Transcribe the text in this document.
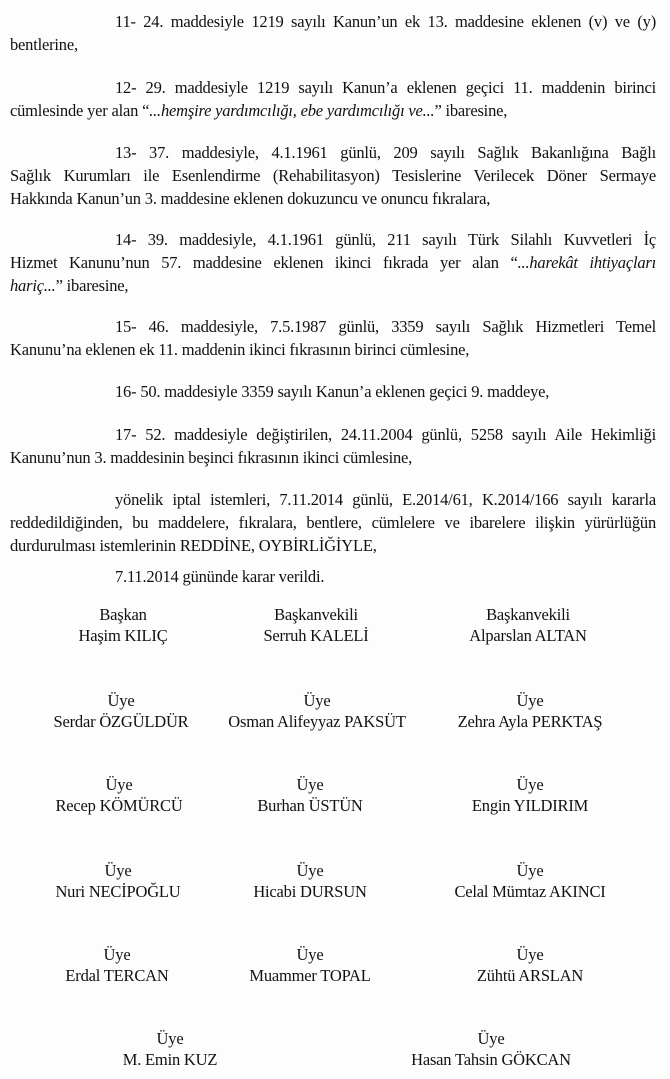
11- 24. maddesiyle 1219 sayılı Kanun’un ek 13. maddesine eklenen (v) ve (y)
bentlerine,
12- 29. maddesiyle 1219 sayılı Kanun’a eklenen geçici 11. maddenin birinci
cümlesinde yer alan “...hemşire yardımcılığı, ebe yardımcılığı ve...” ibaresine,
13- 37. maddesiyle, 4.1.1961 günlü, 209 sayılı Sağlık Bakanlığına Bağlı
Sağlık Kurumları ile Esenlendirme (Rehabilitasyon) Tesislerine Verilecek Döner Sermaye
Hakkında Kanun’un 3. maddesine eklenen dokuzuncu ve onuncu fıkralara,
14- 39. maddesiyle, 4.1.1961 günlü, 211 sayılı Türk Silahlı Kuvvetleri İç
Hizmet Kanunu’nun 57. maddesine eklenen ikinci fıkrada yer alan “...harekât ihtiyaçları
hariç...” ibaresine,
15- 46. maddesiyle, 7.5.1987 günlü, 3359 sayılı Sağlık Hizmetleri Temel
Kanunu’na eklenen ek 11. maddenin ikinci fıkrasının birinci cümlesine,
16- 50. maddesiyle 3359 sayılı Kanun’a eklenen geçici 9. maddeye,
17- 52. maddesiyle değiştirilen, 24.11.2004 günlü, 5258 sayılı Aile Hekimliği
Kanunu’nun 3. maddesinin beşinci fıkrasının ikinci cümlesine,
yönelik iptal istemleri, 7.11.2014 günlü, E.2014/61, K.2014/166 sayılı kararla
reddedildiğinden, bu maddelere, fıkralara, bentlere, cümlelere ve ibarelere ilişkin yürürlüğün
durdurulması istemlerinin REDDİNE, OYBİRLİĞİYLE,
7.11.2014 gününde karar verildi.
Başkan
Haşim KILIÇ
Başkanvekili
Serruh KALELİ
Başkanvekili
Alparslan ALTAN
Üye
Serdar ÖZGÜLDÜR
Üye
Osman Alifeyyaz PAKSÜT
Üye
Zehra Ayla PERKTAŞ
Üye
Recep KÖMÜRCÜ
Üye
Burhan ÜSTÜN
Üye
Engin YILDIRIM
Üye
Nuri NECİPOĞLU
Üye
Hicabi DURSUN
Üye
Celal Mümtaz AKINCI
Üye
Erdal TERCAN
Üye
Muammer TOPAL
Üye
Zühtü ARSLAN
Üye
M. Emin KUZ
Üye
Hasan Tahsin GÖKCAN
